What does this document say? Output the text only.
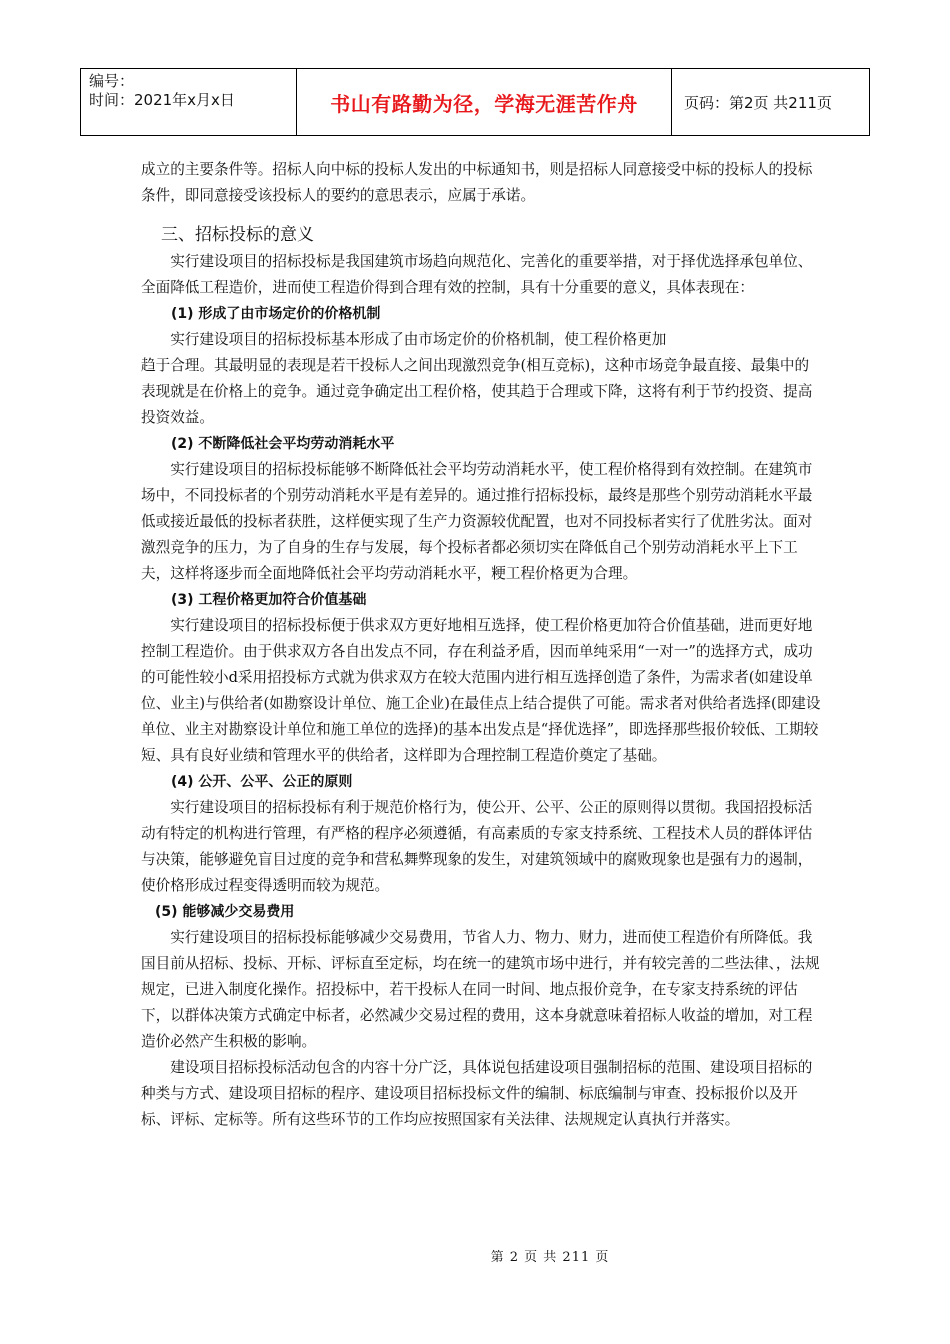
编号：
时间：2021年x月x日	书山有路勤为径，学海无涯苦作舟	页码：第2页 共211页

成立的主要条件等。招标人向中标的投标人发出的中标通知书，则是招标人同意接受中标的投标人的投标条件，即同意接受该投标人的要约的意思表示，应属于承诺。

三、招标投标的意义

实行建设项目的招标投标是我国建筑市场趋向规范化、完善化的重要举措，对于择优选择承包单位、全面降低工程造价，进而使工程造价得到合理有效的控制，具有十分重要的意义，具体表现在：

(1) 形成了由市场定价的价格机制

实行建设项目的招标投标基本形成了由市场定价的价格机制，使工程价格更加

趋于合理。其最明显的表现是若干投标人之间出现激烈竞争(相互竞标)，这种市场竞争最直接、最集中的表现就是在价格上的竞争。通过竞争确定出工程价格，使其趋于合理或下降，这将有利于节约投资、提高投资效益。

(2) 不断降低社会平均劳动消耗水平

实行建设项目的招标投标能够不断降低社会平均劳动消耗水平，使工程价格得到有效控制。在建筑市场中，不同投标者的个别劳动消耗水平是有差异的。通过推行招标投标，最终是那些个别劳动消耗水平最低或接近最低的投标者获胜，这样便实现了生产力资源较优配置，也对不同投标者实行了优胜劣汰。面对激烈竞争的压力，为了自身的生存与发展，每个投标者都必须切实在降低自己个别劳动消耗水平上下工夫，这样将逐步而全面地降低社会平均劳动消耗水平，粳工程价格更为合理。

(3) 工程价格更加符合价值基础

实行建设项目的招标投标便于供求双方更好地相互选择，使工程价格更加符合价值基础，进而更好地控制工程造价。由于供求双方各自出发点不同，存在利益矛盾，因而单纯采用“一对一”的选择方式，成功的可能性较小d采用招投标方式就为供求双方在较大范围内进行相互选择创造了条件，为需求者(如建设单位、业主)与供给者(如勘察设计单位、施工企业)在最佳点上结合提供了可能。需求者对供给者选择(即建设单位、业主对勘察设计单位和施工单位的选择)的基本出发点是“择优选择”，即选择那些报价较低、工期较短、具有良好业绩和管理水平的供给者，这样即为合理控制工程造价奠定了基础。

(4) 公开、公平、公正的原则

实行建设项目的招标投标有利于规范价格行为，使公开、公平、公正的原则得以贯彻。我国招投标活动有特定的机构进行管理，有严格的程序必须遵循，有高素质的专家支持系统、工程技术人员的群体评估与决策，能够避免盲目过度的竞争和营私舞弊现象的发生，对建筑领域中的腐败现象也是强有力的遏制，使价格形成过程变得透明而较为规范。

(5) 能够减少交易费用

实行建设项目的招标投标能够减少交易费用，节省人力、物力、财力，进而使工程造价有所降低。我国目前从招标、投标、开标、评标直至定标，均在统一的建筑市场中进行，并有较完善的二些法律、，法规规定，已进入制度化操作。招投标中，若干投标人在同一时间、地点报价竞争，在专家支持系统的评估下，以群体决策方式确定中标者，必然减少交易过程的费用，这本身就意味着招标人收益的增加，对工程造价必然产生积极的影响。

建设项目招标投标活动包含的内容十分广泛，具体说包括建设项目强制招标的范围、建设项目招标的种类与方式、建设项目招标的程序、建设项目招标投标文件的编制、标底编制与审查、投标报价以及开标、评标、定标等。所有这些环节的工作均应按照国家有关法律、法规规定认真执行并落实。

第 2 页 共 211 页
